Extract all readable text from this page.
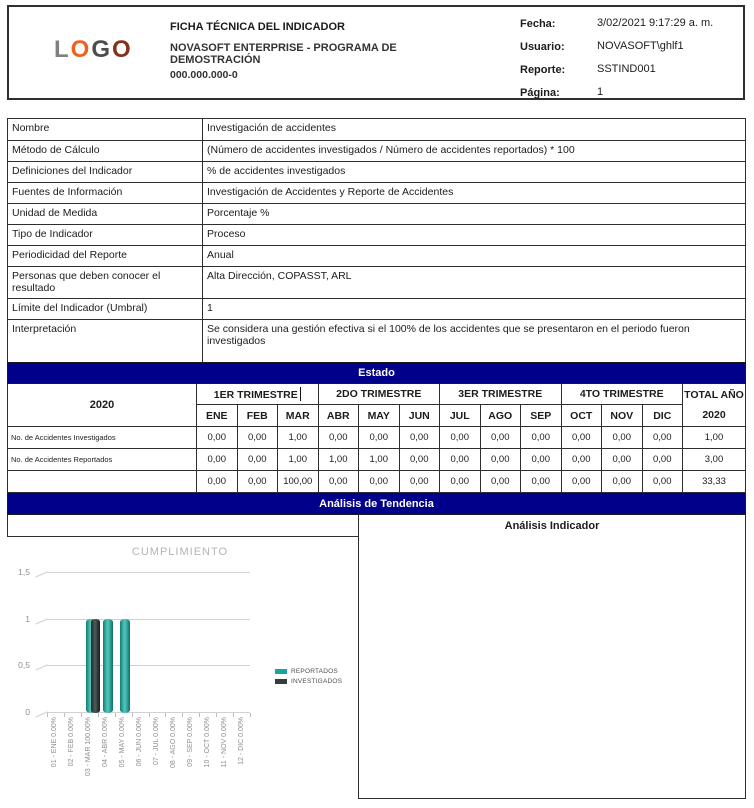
LOGO
FICHA TÉCNICA DEL INDICADOR
NOVASOFT ENTERPRISE - PROGRAMA DE DEMOSTRACIÓN
000.000.000-0
Fecha:	3/02/2021 9:17:29 a. m.
Usuario:	NOVASOFT\ghlf1
Reporte:	SSTIND001
Página:	1
Nombre	Investigación de accidentes
Método de Cálculo	(Número de accidentes investigados / Número de accidentes reportados) * 100
Definiciones del Indicador	% de accidentes investigados
Fuentes de Información	Investigación de Accidentes y Reporte de Accidentes
Unidad de Medida	Porcentaje %
Tipo de Indicador	Proceso
Periodicidad del Reporte	Anual
Personas que deben conocer el resultado	Alta Dirección, COPASST, ARL
Límite del Indicador (Umbral)	1
Interpretación	Se considera una gestión efectiva si el 100% de los accidentes que se presentaron en el periodo fueron investigados
Estado													
2020	1ER TRIMESTRE			2DO TRIMESTRE			3ER TRIMESTRE			4TO TRIMESTRE			TOTAL AÑO
2020

	ENE	FEB	MAR	ABR	MAY	JUN	JUL	AGO	SEP	OCT	NOV	DIC	
No. de Accidentes Investigados	0,00	0,00	1,00	0,00	0,00	0,00	0,00	0,00	0,00	0,00	0,00	0,00	1,00
No. de Accidentes Reportados	0,00	0,00	1,00	1,00	1,00	0,00	0,00	0,00	0,00	0,00	0,00	0,00	3,00
	0,00	0,00	100,00	0,00	0,00	0,00	0,00	0,00	0,00	0,00	0,00	0,00	33,33
Análisis de Tendencia													
					Análisis Indicador								
CUMPLIMIENTO
0
0,5
1
1,5
01 - ENE 0.00% 02 - FEB 0.00% 03 - MAR 100.00% 04 - ABR 0.00% 05 - MAY 0.00% 06 - JUN 0.00% 07 - JUL 0.00% 08 - AGO 0.00% 09 - SEP 0.00% 10 - OCT 0.00% 11 - NOV 0.00% 12 - DIC 0.00%
REPORTADOS
INVESTIGADOS
